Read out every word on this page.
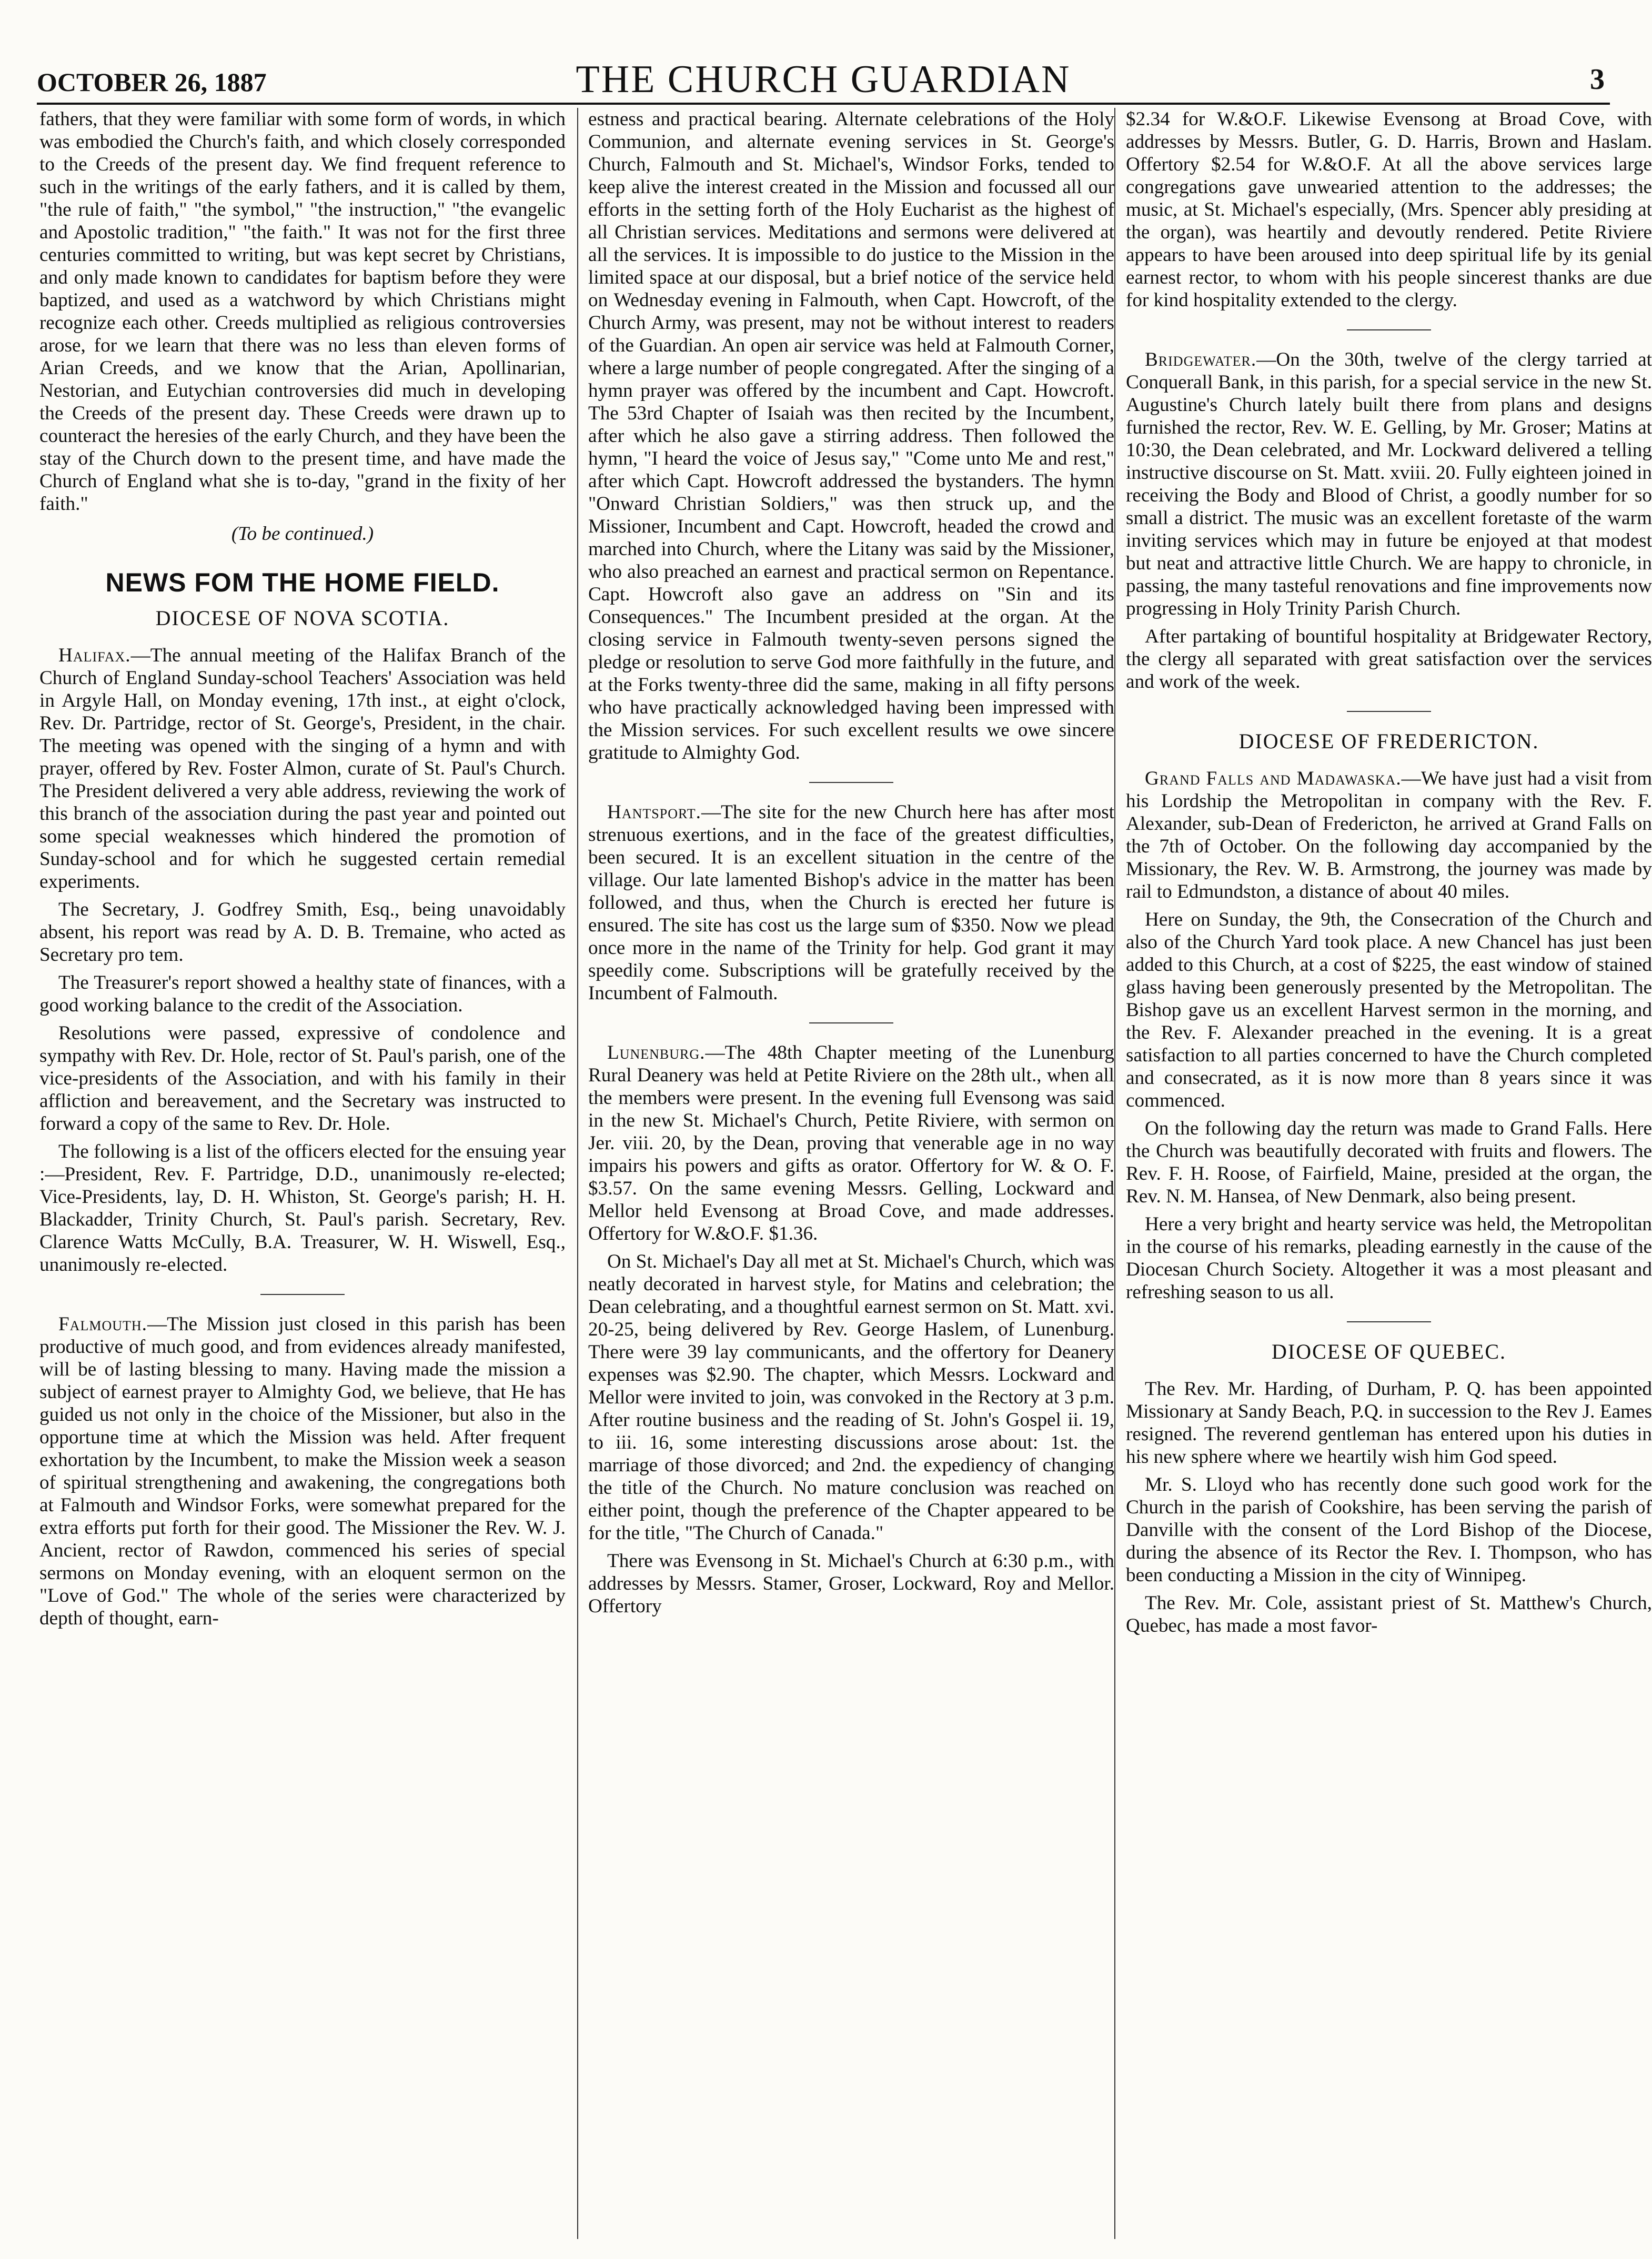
OCTOBER 26, 1887	THE CHURCH GUARDIAN	3

fathers, that they were familiar with some form of words, in which was embodied the Church's faith, and which closely corresponded to the Creeds of the present day. We find frequent reference to such in the writings of the early fathers, and it is called by them, "the rule of faith," "the symbol," "the instruction," "the evangelic and Apostolic tradition," "the faith." It was not for the first three centuries committed to writing, but was kept secret by Christians, and only made known to candidates for baptism before they were baptized, and used as a watchword by which Christians might recognize each other. Creeds multiplied as religious controversies arose, for we learn that there was no less than eleven forms of Arian Creeds, and we know that the Arian, Apollinarian, Nestorian, and Eutychian controversies did much in developing the Creeds of the present day. These Creeds were drawn up to counteract the heresies of the early Church, and they have been the stay of the Church down to the present time, and have made the Church of England what she is to-day, "grand in the fixity of her faith."

(To be continued.)

NEWS FOM THE HOME FIELD.
DIOCESE OF NOVA SCOTIA.

Halifax.—The annual meeting of the Halifax Branch of the Church of England Sunday-school Teachers' Association was held in Argyle Hall, on Monday evening, 17th inst., at eight o'clock, Rev. Dr. Partridge, rector of St. George's, President, in the chair. The meeting was opened with the singing of a hymn and with prayer, offered by Rev. Foster Almon, curate of St. Paul's Church. The President delivered a very able address, reviewing the work of this branch of the association during the past year and pointed out some special weaknesses which hindered the promotion of Sunday-school and for which he suggested certain remedial experiments.

The Secretary, J. Godfrey Smith, Esq., being unavoidably absent, his report was read by A. D. B. Tremaine, who acted as Secretary pro tem.

The Treasurer's report showed a healthy state of finances, with a good working balance to the credit of the Association.

Resolutions were passed, expressive of condolence and sympathy with Rev. Dr. Hole, rector of St. Paul's parish, one of the vice-presidents of the Association, and with his family in their affliction and bereavement, and the Secretary was instructed to forward a copy of the same to Rev. Dr. Hole.

The following is a list of the officers elected for the ensuing year :—President, Rev. F. Partridge, D.D., unanimously re-elected; Vice-Presidents, lay, D. H. Whiston, St. George's parish; H. H. Blackadder, Trinity Church, St. Paul's parish. Secretary, Rev. Clarence Watts McCully, B.A. Treasurer, W. H. Wiswell, Esq., unanimously re-elected.

Falmouth.—The Mission just closed in this parish has been productive of much good, and from evidences already manifested, will be of lasting blessing to many. Having made the mission a subject of earnest prayer to Almighty God, we believe, that He has guided us not only in the choice of the Missioner, but also in the opportune time at which the Mission was held. After frequent exhortation by the Incumbent, to make the Mission week a season of spiritual strengthening and awakening, the congregations both at Falmouth and Windsor Forks, were somewhat prepared for the extra efforts put forth for their good. The Missioner the Rev. W. J. Ancient, rector of Rawdon, commenced his series of special sermons on Monday evening, with an eloquent sermon on the "Love of God." The whole of the series were characterized by depth of thought, earn-

estness and practical bearing. Alternate celebrations of the Holy Communion, and alternate evening services in St. George's Church, Falmouth and St. Michael's, Windsor Forks, tended to keep alive the interest created in the Mission and focussed all our efforts in the setting forth of the Holy Eucharist as the highest of all Christian services. Meditations and sermons were delivered at all the services. It is impossible to do justice to the Mission in the limited space at our disposal, but a brief notice of the service held on Wednesday evening in Falmouth, when Capt. Howcroft, of the Church Army, was present, may not be without interest to readers of the Guardian. An open air service was held at Falmouth Corner, where a large number of people congregated. After the singing of a hymn prayer was offered by the incumbent and Capt. Howcroft. The 53rd Chapter of Isaiah was then recited by the Incumbent, after which he also gave a stirring address. Then followed the hymn, "I heard the voice of Jesus say," "Come unto Me and rest," after which Capt. Howcroft addressed the bystanders. The hymn "Onward Christian Soldiers," was then struck up, and the Missioner, Incumbent and Capt. Howcroft, headed the crowd and marched into Church, where the Litany was said by the Missioner, who also preached an earnest and practical sermon on Repentance. Capt. Howcroft also gave an address on "Sin and its Consequences." The Incumbent presided at the organ. At the closing service in Falmouth twenty-seven persons signed the pledge or resolution to serve God more faithfully in the future, and at the Forks twenty-three did the same, making in all fifty persons who have practically acknowledged having been impressed with the Mission services. For such excellent results we owe sincere gratitude to Almighty God.

Hantsport.—The site for the new Church here has after most strenuous exertions, and in the face of the greatest difficulties, been secured. It is an excellent situation in the centre of the village. Our late lamented Bishop's advice in the matter has been followed, and thus, when the Church is erected her future is ensured. The site has cost us the large sum of $350. Now we plead once more in the name of the Trinity for help. God grant it may speedily come. Subscriptions will be gratefully received by the Incumbent of Falmouth.

Lunenburg.—The 48th Chapter meeting of the Lunenburg Rural Deanery was held at Petite Riviere on the 28th ult., when all the members were present. In the evening full Evensong was said in the new St. Michael's Church, Petite Riviere, with sermon on Jer. viii. 20, by the Dean, proving that venerable age in no way impairs his powers and gifts as orator. Offertory for W. & O. F. $3.57. On the same evening Messrs. Gelling, Lockward and Mellor held Evensong at Broad Cove, and made addresses. Offertory for W.&O.F. $1.36.

On St. Michael's Day all met at St. Michael's Church, which was neatly decorated in harvest style, for Matins and celebration; the Dean celebrating, and a thoughtful earnest sermon on St. Matt. xvi. 20-25, being delivered by Rev. George Haslem, of Lunenburg. There were 39 lay communicants, and the offertory for Deanery expenses was $2.90. The chapter, which Messrs. Lockward and Mellor were invited to join, was convoked in the Rectory at 3 p.m. After routine business and the reading of St. John's Gospel ii. 19, to iii. 16, some interesting discussions arose about: 1st. the marriage of those divorced; and 2nd. the expediency of changing the title of the Church. No mature conclusion was reached on either point, though the preference of the Chapter appeared to be for the title, "The Church of Canada."

There was Evensong in St. Michael's Church at 6:30 p.m., with addresses by Messrs. Stamer, Groser, Lockward, Roy and Mellor. Offertory

$2.34 for W.&O.F. Likewise Evensong at Broad Cove, with addresses by Messrs. Butler, G. D. Harris, Brown and Haslam. Offertory $2.54 for W.&O.F. At all the above services large congregations gave unwearied attention to the addresses; the music, at St. Michael's especially, (Mrs. Spencer ably presiding at the organ), was heartily and devoutly rendered. Petite Riviere appears to have been aroused into deep spiritual life by its genial earnest rector, to whom with his people sincerest thanks are due for kind hospitality extended to the clergy.

Bridgewater.—On the 30th, twelve of the clergy tarried at Conquerall Bank, in this parish, for a special service in the new St. Augustine's Church lately built there from plans and designs furnished the rector, Rev. W. E. Gelling, by Mr. Groser; Matins at 10:30, the Dean celebrated, and Mr. Lockward delivered a telling instructive discourse on St. Matt. xviii. 20. Fully eighteen joined in receiving the Body and Blood of Christ, a goodly number for so small a district. The music was an excellent foretaste of the warm inviting services which may in future be enjoyed at that modest but neat and attractive little Church. We are happy to chronicle, in passing, the many tasteful renovations and fine improvements now progressing in Holy Trinity Parish Church.

After partaking of bountiful hospitality at Bridgewater Rectory, the clergy all separated with great satisfaction over the services and work of the week.

DIOCESE OF FREDERICTON.

Grand Falls and Madawaska.—We have just had a visit from his Lordship the Metropolitan in company with the Rev. F. Alexander, sub-Dean of Fredericton, he arrived at Grand Falls on the 7th of October. On the following day accompanied by the Missionary, the Rev. W. B. Armstrong, the journey was made by rail to Edmundston, a distance of about 40 miles.

Here on Sunday, the 9th, the Consecration of the Church and also of the Church Yard took place. A new Chancel has just been added to this Church, at a cost of $225, the east window of stained glass having been generously presented by the Metropolitan. The Bishop gave us an excellent Harvest sermon in the morning, and the Rev. F. Alexander preached in the evening. It is a great satisfaction to all parties concerned to have the Church completed and consecrated, as it is now more than 8 years since it was commenced.

On the following day the return was made to Grand Falls. Here the Church was beautifully decorated with fruits and flowers. The Rev. F. H. Roose, of Fairfield, Maine, presided at the organ, the Rev. N. M. Hansea, of New Denmark, also being present.

Here a very bright and hearty service was held, the Metropolitan in the course of his remarks, pleading earnestly in the cause of the Diocesan Church Society. Altogether it was a most pleasant and refreshing season to us all.

DIOCESE OF QUEBEC.

The Rev. Mr. Harding, of Durham, P. Q. has been appointed Missionary at Sandy Beach, P.Q. in succession to the Rev J. Eames resigned. The reverend gentleman has entered upon his duties in his new sphere where we heartily wish him God speed.

Mr. S. Lloyd who has recently done such good work for the Church in the parish of Cookshire, has been serving the parish of Danville with the consent of the Lord Bishop of the Diocese, during the absence of its Rector the Rev. I. Thompson, who has been conducting a Mission in the city of Winnipeg.

The Rev. Mr. Cole, assistant priest of St. Matthew's Church, Quebec, has made a most favor-
